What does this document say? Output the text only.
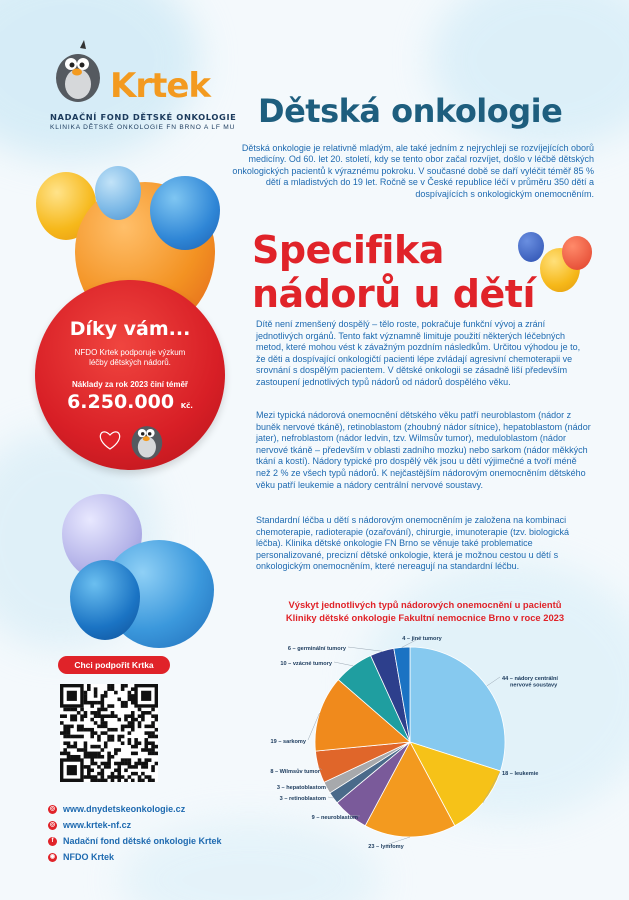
Krtek
NADAČNÍ FOND DĚTSKÉ ONKOLOGIE
KLINIKA DĚTSKÉ ONKOLOGIE FN BRNO A LF MU Dětská onkologie
Dětská onkologie je relativně mladým, ale také jedním z nejrychleji se rozvíjejících oborů medicíny. Od 60. let 20. století, kdy se tento obor začal rozvíjet, došlo v léčbě dětských onkologických pacientů k výraznému pokroku. V současné době se daří vyléčit téměř 85 % dětí a mladistvých do 19 let. Ročně se v České republice léčí v průměru 350 dětí a dospívajících s onkologickým onemocněním.
Specifika nádorů u dětí
Dítě není zmenšený dospělý – tělo roste, pokračuje funkční vývoj a zrání jednotlivých orgánů. Tento fakt významně limituje použití některých léčebných metod, které mohou vést k závažným pozdním následkům. Určitou výhodou je to, že děti a dospívající onkologičtí pacienti lépe zvládají agresivní chemoterapii ve srovnání s dospělým pacientem. V dětské onkologii se zásadně liší především zastoupení jednotlivých typů nádorů od nádorů dospělého věku.
Mezi typická nádorová onemocnění dětského věku patří neuroblastom (nádor z buněk nervové tkáně), retinoblastom (zhoubný nádor sítnice), hepatoblastom (nádor jater), nefroblastom (nádor ledvin, tzv. Wilmsův tumor), meduloblastom (nádor nervové tkáně – především v oblasti zadního mozku) nebo sarkom (nádor měkkých tkání a kostí). Nádory typické pro dospělý věk jsou u dětí výjimečné a tvoří méně než 2 % ze všech typů nádorů. K nejčastějším nádorovým onemocněním dětského věku patří leukemie a nádory centrální nervové soustavy.
Standardní léčba u dětí s nádorovým onemocněním je založena na kombinaci chemoterapie, radioterapie (ozařování), chirurgie, imunoterapie (tzv. biologická léčba). Klinika dětské onkologie FN Brno se věnuje také problematice personalizované, precizní dětské onkologie, která je možnou cestou u dětí s onkologickým onemocněním, které nereagují na standardní léčbu.
Díky vám...
NFDO Krtek podporuje výzkum léčby dětských nádorů.
Náklady za rok 2023 činí téměř
6.250.000 Kč.
Chci podpořit Krtka
◎ www.dnydetskeonkologie.cz
◎ www.krtek-nf.cz
f	Nadační fond dětské onkologie Krtek
◉ NFDO Krtek
Výskyt jednotlivých typů nádorových onemocnění u pacientů
Kliniky dětské onkologie Fakultní nemocnice Brno v roce 2023
44 – nádory centrální nervové soustavy
18 – leukemie
23 – lymfomy
9 – neuroblastom
3 – retinoblastom
3 – hepatoblastom
8 – Wilmsův tumor
19 – sarkomy
10 – vzácné tumory
6 – germinální tumory
4 – jiné tumory
